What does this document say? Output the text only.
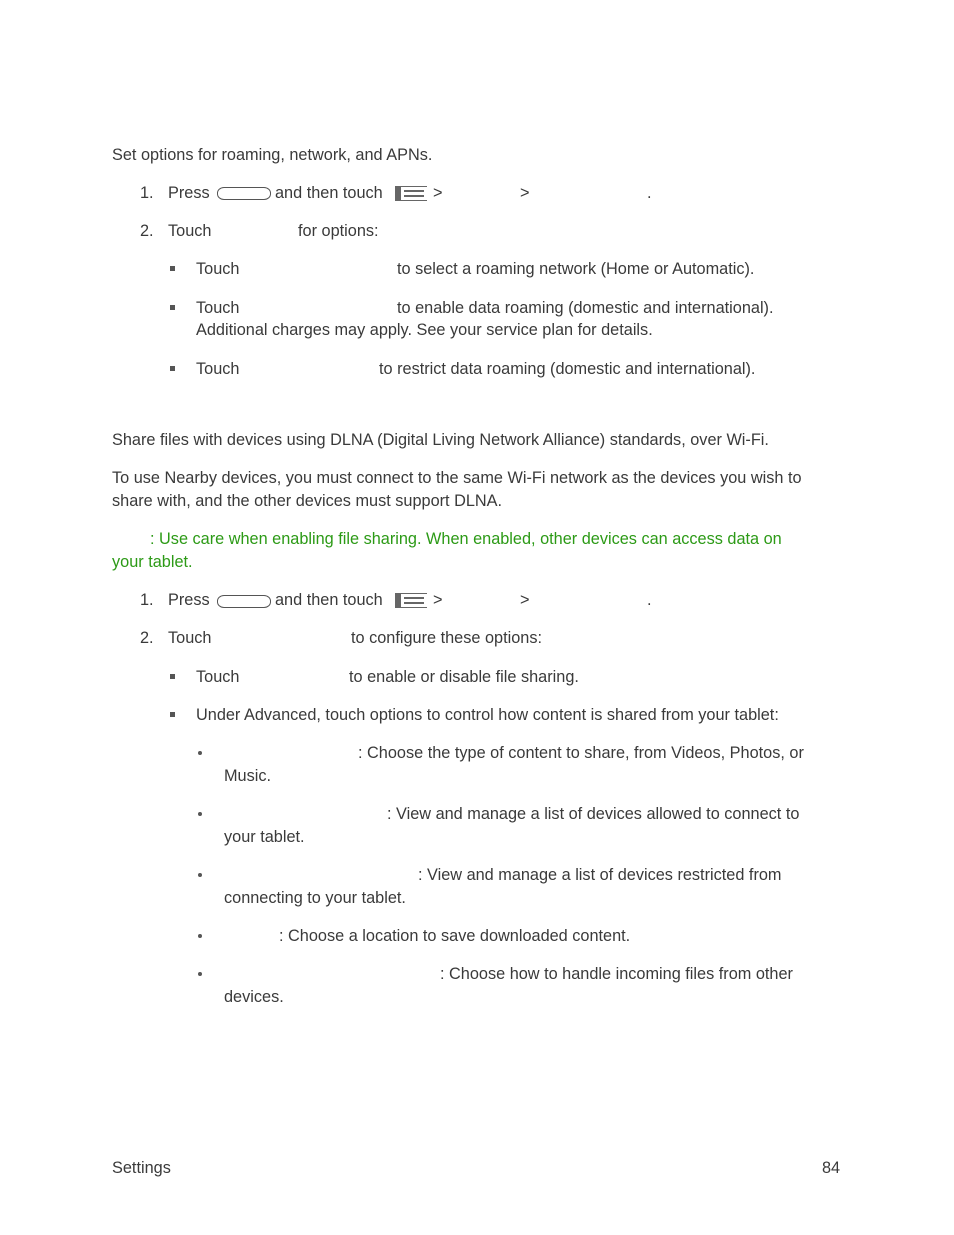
Set options for roaming, network, and APNs.
1. Press	and then touch	>	>	.
2. Touch	for options:
Touch	to select a roaming network (Home or Automatic).
Touch	to enable data roaming (domestic and international).
Additional charges may apply. See your service plan for details.
Touch	to restrict data roaming (domestic and international).
Share files with devices using DLNA (Digital Living Network Alliance) standards, over Wi-Fi.
To use Nearby devices, you must connect to the same Wi-Fi network as the devices you wish to
share with, and the other devices must support DLNA.
: Use care when enabling file sharing. When enabled, other devices can access data on
your tablet.
1. Press	and then touch	>	>	.
2. Touch	to configure these options:
Touch	to enable or disable file sharing.
Under Advanced, touch options to control how content is shared from your tablet:
: Choose the type of content to share, from Videos, Photos, or
Music.
: View and manage a list of devices allowed to connect to
your tablet.
: View and manage a list of devices restricted from
connecting to your tablet.
: Choose a location to save downloaded content.
: Choose how to handle incoming files from other
devices.
Settings	84
